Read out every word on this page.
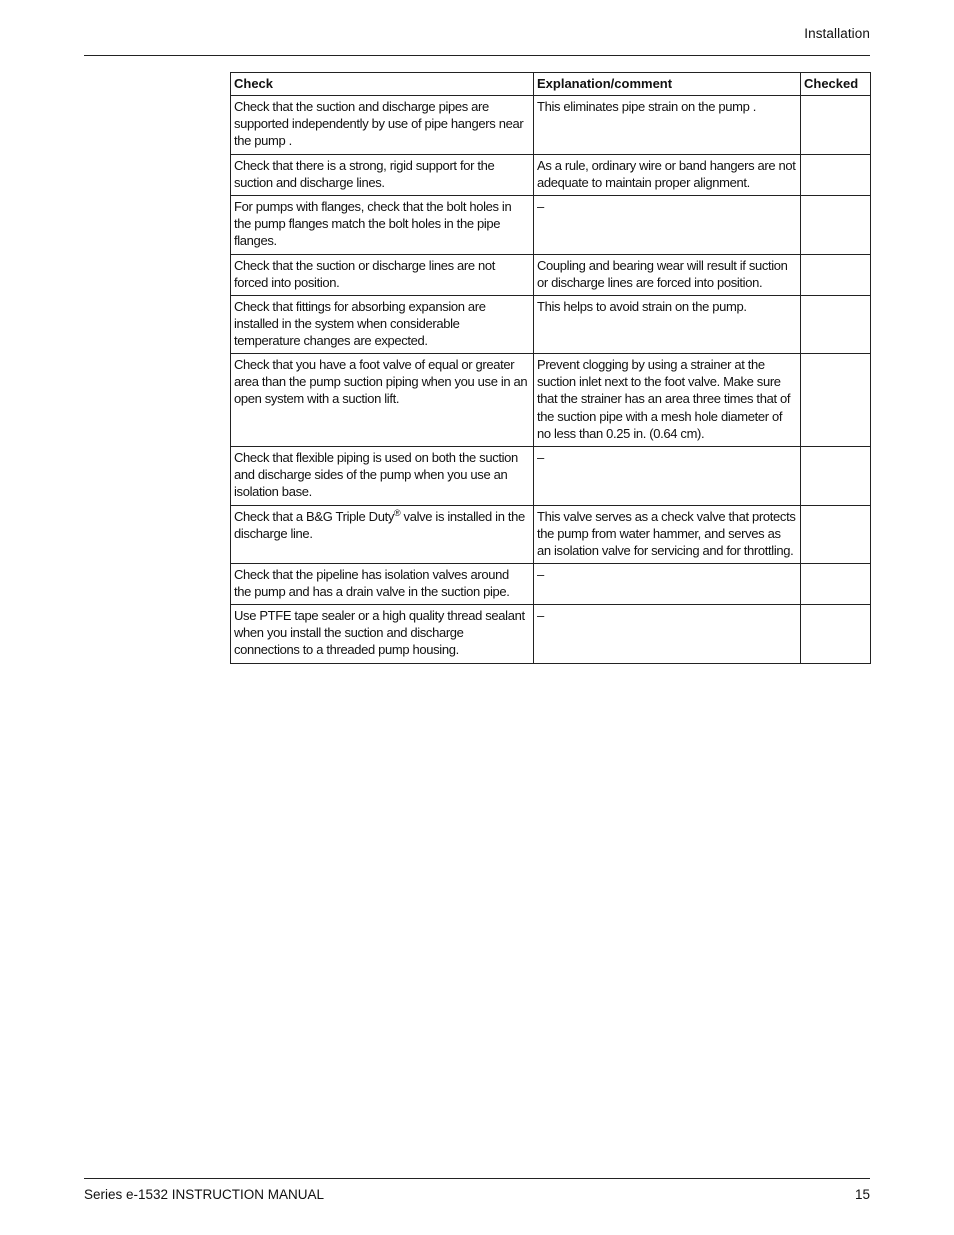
Installation
Check	Explanation/comment	Checked

Check that the suction and discharge pipes are supported independently by use of pipe hangers near the pump .	This eliminates pipe strain on the pump .	

Check that there is a strong, rigid support for the suction and discharge lines.	As a rule, ordinary wire or band hangers are not adequate to maintain proper alignment.	

For pumps with flanges, check that the bolt holes in the pump flanges match the bolt holes in the pipe flanges.	–	

Check that the suction or discharge lines are not forced into position.	Coupling and bearing wear will result if suction or discharge lines are forced into position.	

Check that fittings for absorbing expansion are installed in the system when considerable temperature changes are expected.	This helps to avoid strain on the pump.	

Check that you have a foot valve of equal or greater area than the pump suction piping when you use in an open system with a suction lift.	Prevent clogging by using a strainer at the suction inlet next to the foot valve. Make sure that the strainer has an area three times that of the suction pipe with a mesh hole diameter of no less than 0.25 in. (0.64 cm).	

Check that flexible piping is used on both the suction and discharge sides of the pump when you use an isolation base.	–	

Check that a B&G Triple Duty® valve is installed in the discharge line.	This valve serves as a check valve that protects the pump from water hammer, and serves as an isolation valve for servicing and for throttling.	

Check that the pipeline has isolation valves around the pump and has a drain valve in the suction pipe.	–	

Use PTFE tape sealer or a high quality thread sealant when you install the suction and discharge connections to a threaded pump housing.	–	

Series e-1532 INSTRUCTION MANUAL	15
